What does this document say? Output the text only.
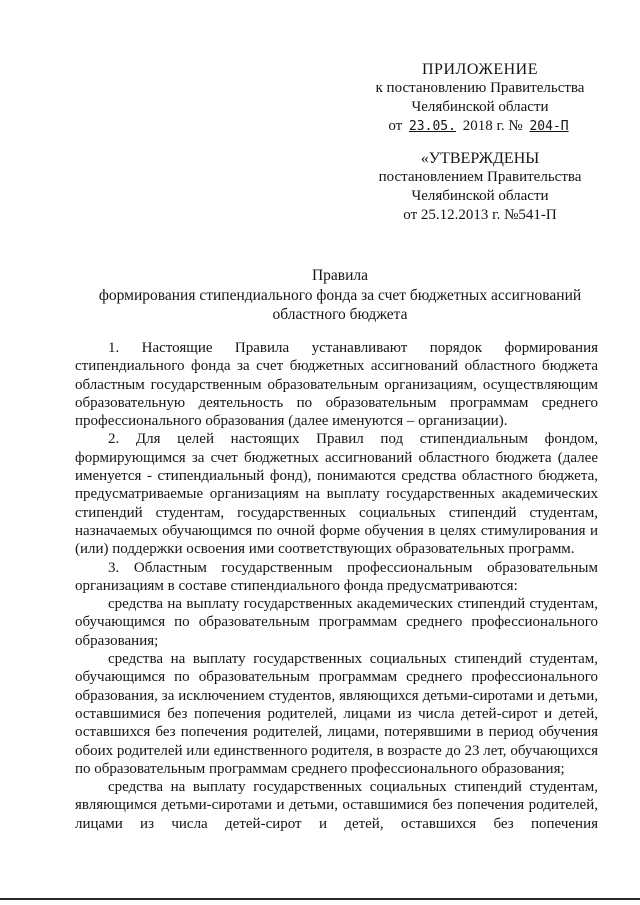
ПРИЛОЖЕНИЕ
к постановлению Правительства
Челябинской области
от 23.05. 2018 г. № 204-П
«УТВЕРЖДЕНЫ
постановлением Правительства
Челябинской области
от 25.12.2013 г. №541-П
Правила
формирования стипендиального фонда за счет бюджетных ассигнований
областного бюджета

1. Настоящие Правила устанавливают порядок формирования стипендиального фонда за счет бюджетных ассигнований областного бюджета областным государственным образовательным организациям, осуществляющим образовательную деятельность по образовательным программам среднего профессионального образования (далее именуются – организации).

2. Для целей настоящих Правил под стипендиальным фондом, формирующимся за счет бюджетных ассигнований областного бюджета (далее именуется - стипендиальный фонд), понимаются средства областного бюджета, предусматриваемые организациям на выплату государственных академических стипендий студентам, государственных социальных стипендий студентам, назначаемых обучающимся по очной форме обучения в целях стимулирования и (или) поддержки освоения ими соответствующих образовательных программ.

3. Областным государственным профессиональным образовательным организациям в составе стипендиального фонда предусматриваются:

средства на выплату государственных академических стипендий студентам, обучающимся по образовательным программам среднего профессионального образования;

средства на выплату государственных социальных стипендий студентам, обучающимся по образовательным программам среднего профессионального образования, за исключением студентов, являющихся детьми-сиротами и детьми, оставшимися без попечения родителей, лицами из числа детей-сирот и детей, оставшихся без попечения родителей, лицами, потерявшими в период обучения обоих родителей или единственного родителя, в возрасте до 23 лет, обучающихся по образовательным программам среднего профессионального образования;

средства на выплату государственных социальных стипендий студентам, являющимся детьми-сиротами и детьми, оставшимися без попечения родителей, лицами из числа детей-сирот и детей, оставшихся без попечения
